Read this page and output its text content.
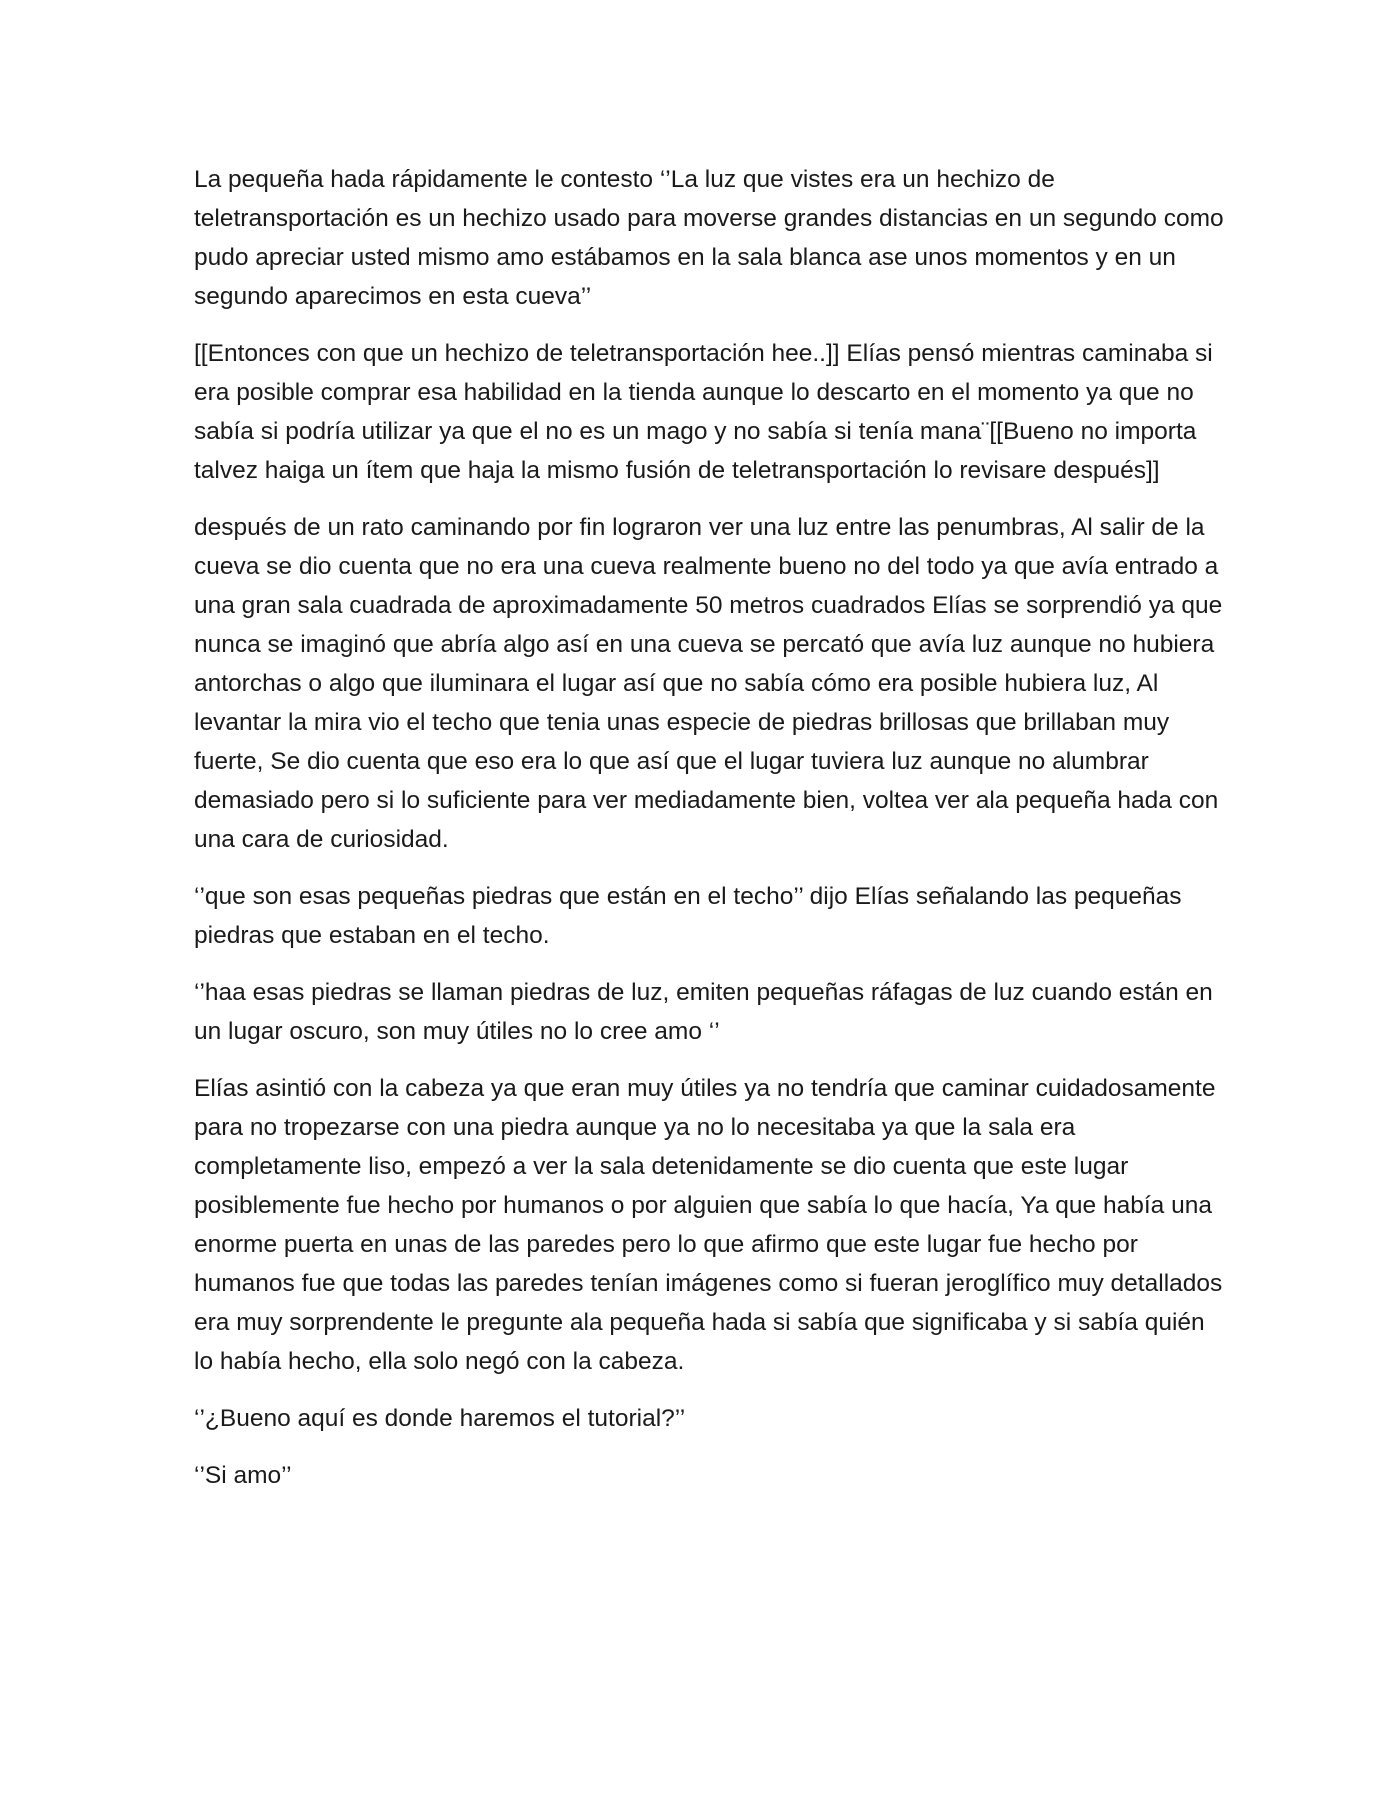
La pequeña hada rápidamente le contesto ‘’La luz que vistes era un hechizo de teletransportación es un hechizo usado para moverse grandes distancias en un segundo como pudo apreciar usted mismo amo estábamos en la sala blanca ase unos momentos y en un segundo aparecimos en esta cueva’’

[[Entonces con que un hechizo de teletransportación hee..]] Elías pensó mientras caminaba si era posible comprar esa habilidad en la tienda aunque lo descarto en el momento ya que no sabía si podría utilizar ya que el no es un mago y no sabía si tenía mana¨[[Bueno no importa talvez haiga un ítem que haja la mismo fusión de teletransportación lo revisare después]]

después de un rato caminando por fin lograron ver una luz entre las penumbras, Al salir de la cueva se dio cuenta que no era una cueva realmente bueno no del todo ya que avía entrado a una gran sala cuadrada de aproximadamente 50 metros cuadrados Elías se sorprendió ya que nunca se imaginó que abría algo así en una cueva se percató que avía luz aunque no hubiera antorchas o algo que iluminara el lugar así que no sabía cómo era posible hubiera luz, Al levantar la mira vio el techo que tenia unas especie de piedras brillosas que brillaban muy fuerte, Se dio cuenta que eso era lo que así que el lugar tuviera luz aunque no alumbrar demasiado pero si lo suficiente para ver mediadamente bien, voltea ver ala pequeña hada con una cara de curiosidad.

‘’que son esas pequeñas piedras que están en el techo’’ dijo Elías señalando las pequeñas piedras que estaban en el techo.

‘’haa esas piedras se llaman piedras de luz, emiten pequeñas ráfagas de luz cuando están en un lugar oscuro, son muy útiles no lo cree amo ‘’

Elías asintió con la cabeza ya que eran muy útiles ya no tendría que caminar cuidadosamente para no tropezarse con una piedra aunque ya no lo necesitaba ya que la sala era completamente liso, empezó a ver la sala detenidamente se dio cuenta que este lugar posiblemente fue hecho por humanos o por alguien que sabía lo que hacía, Ya que había una enorme puerta en unas de las paredes pero lo que afirmo que este lugar fue hecho por humanos fue que todas las paredes tenían imágenes como si fueran jeroglífico muy detallados era muy sorprendente le pregunte ala pequeña hada si sabía que significaba y si sabía quién lo había hecho, ella solo negó con la cabeza.

‘’¿Bueno aquí es donde haremos el tutorial?’’

‘’Si amo’’
